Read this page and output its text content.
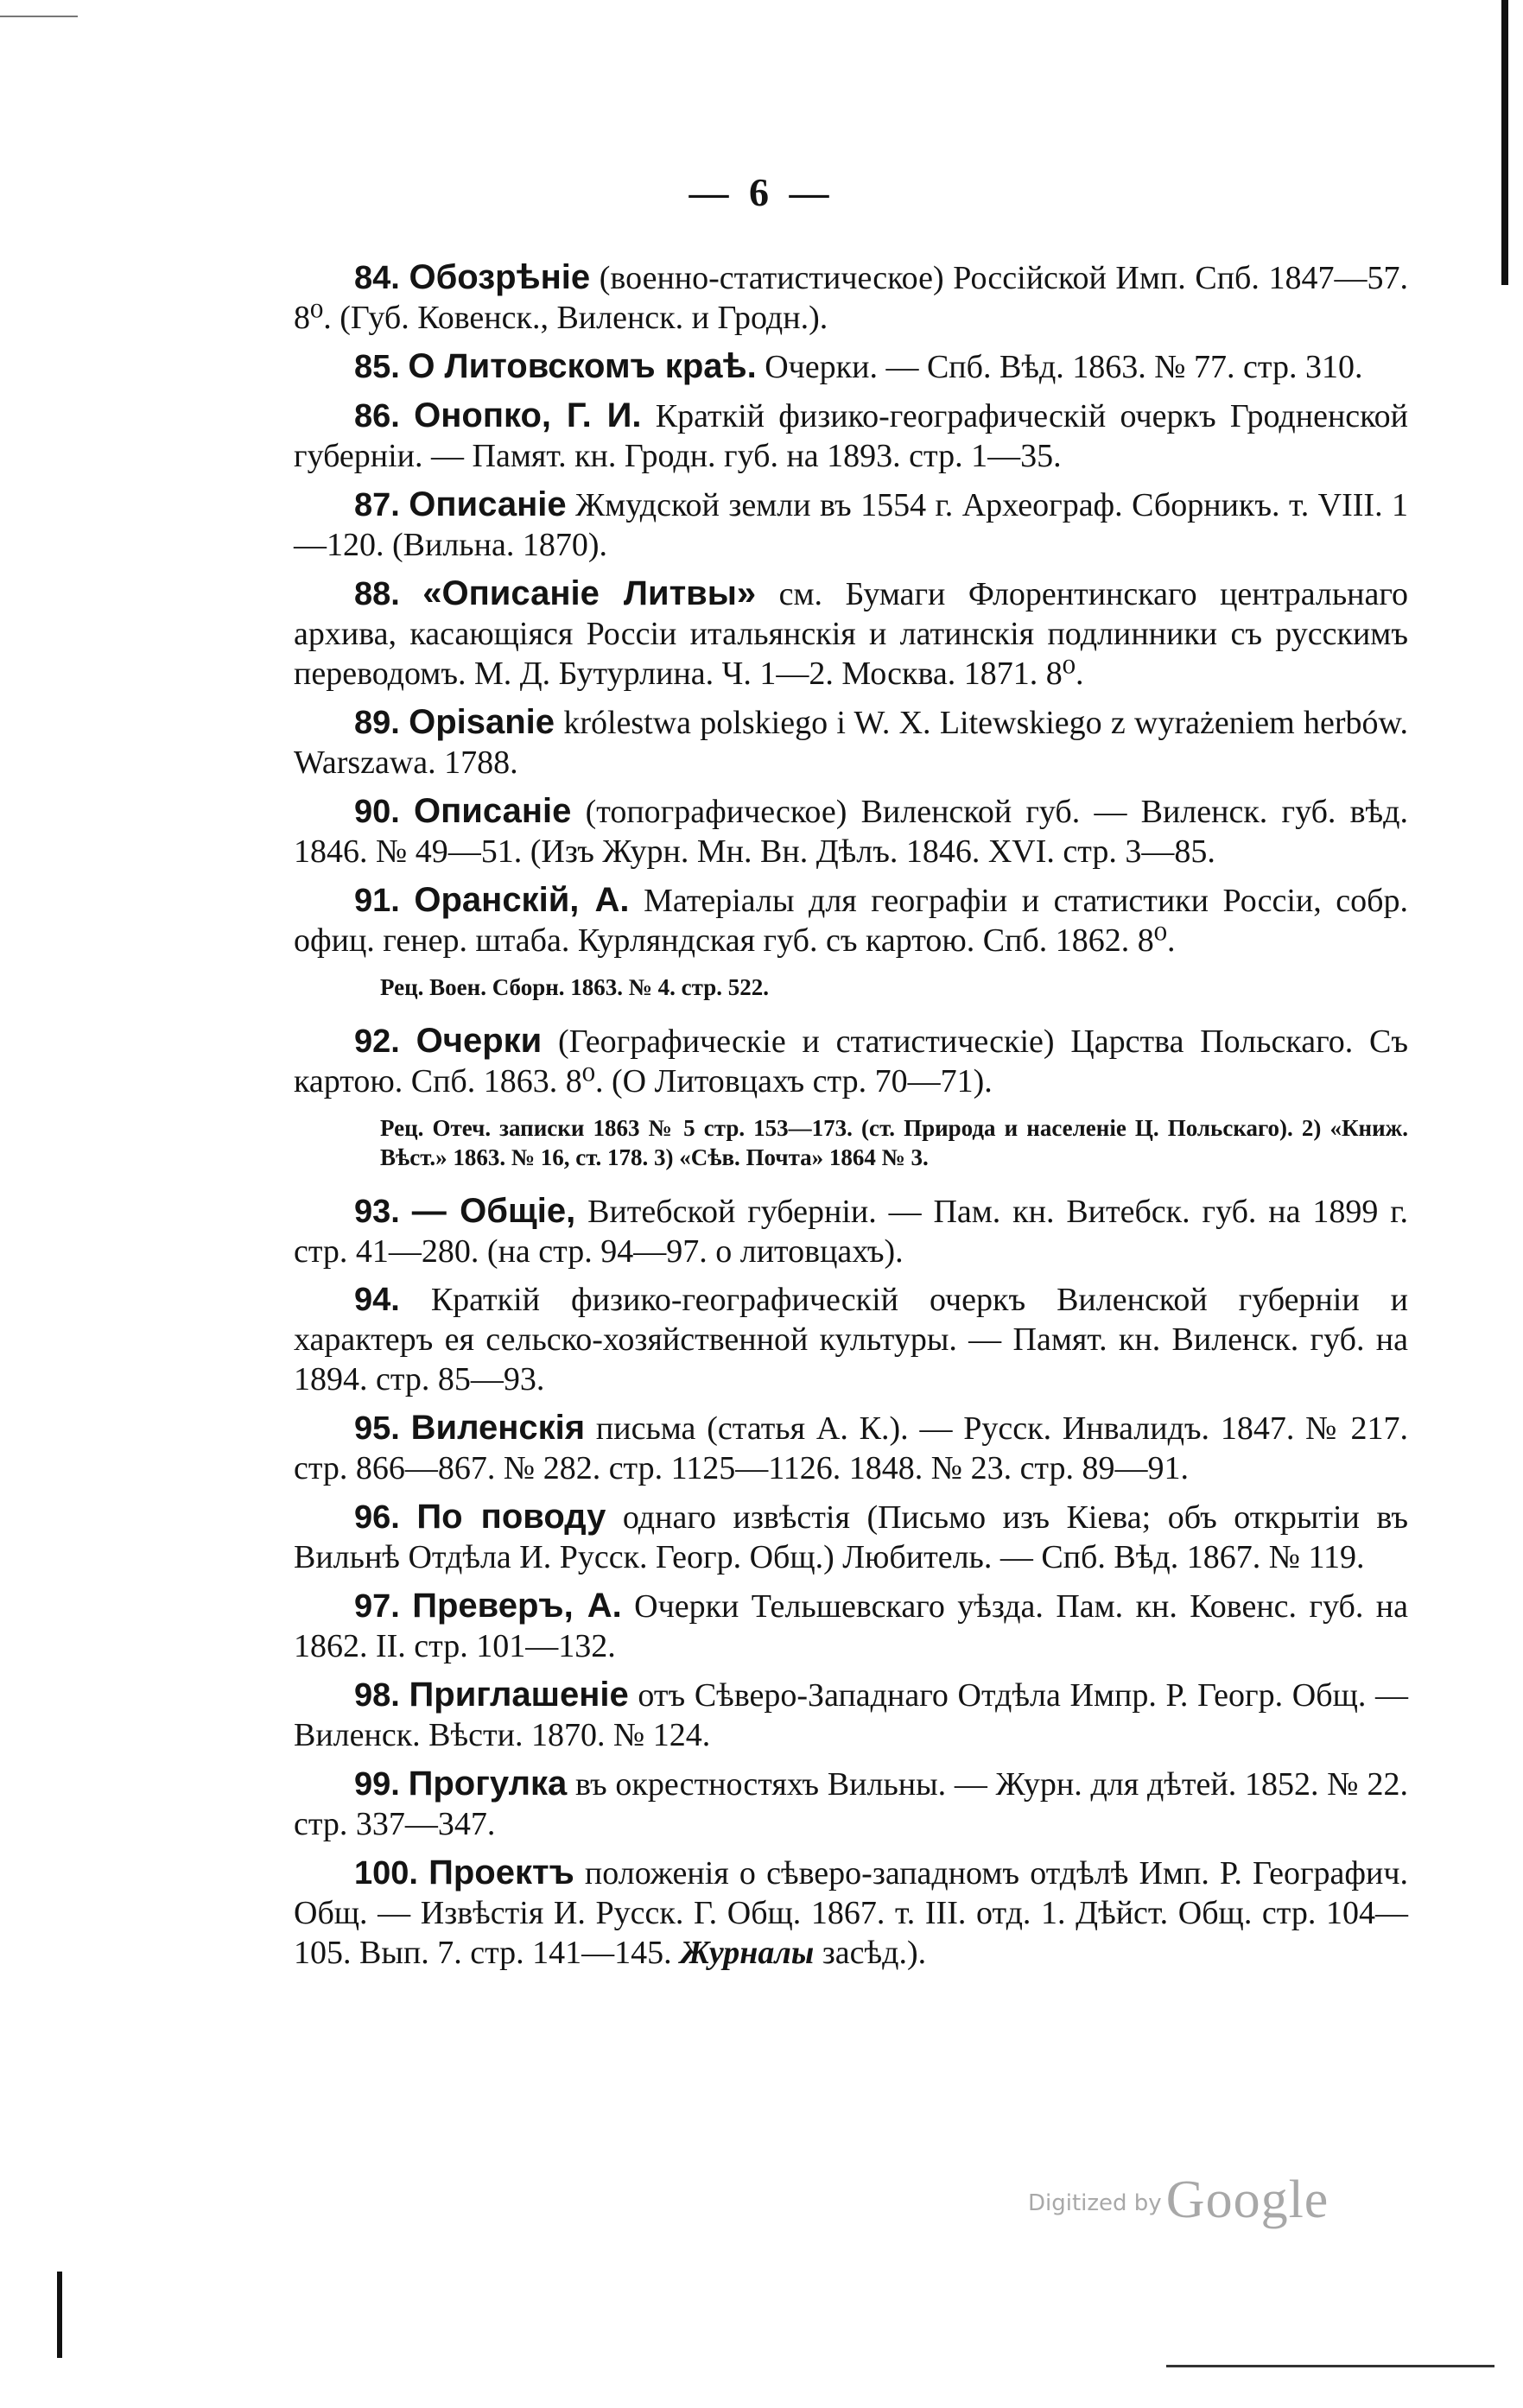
— 6 —

84. Обозрѣніе (военно-статистическое) Россійской Имп. Спб. 1847—57. 8⁰. (Губ. Ковенск., Виленск. и Гродн.).

85. О Литовскомъ краѣ. Очерки. — Спб. Вѣд. 1863. № 77. стр. 310.

86. Онопко, Г. И. Краткій физико-географическій очеркъ Гродненской губерніи. — Памят. кн. Гродн. губ. на 1893. стр. 1—35.

87. Описаніе Жмудской земли въ 1554 г. Археограф. Сборникъ. т. VIII. 1—120. (Вильна. 1870).

88. «Описаніе Литвы» см. Бумаги Флорентинскаго центральнаго архива, касающіяся Россіи итальянскія и латинскія подлинники съ русскимъ переводомъ. М. Д. Бутурлина. Ч. 1—2. Москва. 1871. 8⁰.

89. Opisanie królestwa polskiego i W. X. Litewskiego z wyrażeniem herbów. Warszawa. 1788.

90. Описаніе (топографическое) Виленской губ. — Виленск. губ. вѣд. 1846. № 49—51. (Изъ Журн. Мн. Вн. Дѣлъ. 1846. XVI. стр. 3—85.

91. Оранскій, А. Матеріалы для географіи и статистики Россіи, собр. офиц. генер. штаба. Курляндская губ. съ картою. Спб. 1862. 8⁰.

Рец. Воен. Сборн. 1863. № 4. стр. 522.

92. Очерки (Географическіе и статистическіе) Царства Польскаго. Съ картою. Спб. 1863. 8⁰. (О Литовцахъ стр. 70—71).

Рец. Отеч. записки 1863 № 5 стр. 153—173. (ст. Природа и населеніе Ц. Польскаго). 2) «Книж. Вѣст.» 1863. № 16, ст. 178. 3) «Сѣв. Почта» 1864 № 3.

93. — Общіе, Витебской губерніи. — Пам. кн. Витебск. губ. на 1899 г. стр. 41—280. (на стр. 94—97. о литовцахъ).

94. Краткій физико-географическій очеркъ Виленской губерніи и характеръ ея сельско-хозяйственной культуры. — Памят. кн. Виленск. губ. на 1894. стр. 85—93.

95. Виленскія письма (статья А. К.). — Русск. Инвалидъ. 1847. № 217. стр. 866—867. № 282. стр. 1125—1126. 1848. № 23. стр. 89—91.

96. По поводу однаго извѣстія (Письмо изъ Кіева; объ открытіи въ Вильнѣ Отдѣла И. Русск. Геогр. Общ.) Любитель. — Спб. Вѣд. 1867. № 119.

97. Преверъ, А. Очерки Тельшевскаго уѣзда. Пам. кн. Ковенс. губ. на 1862. II. стр. 101—132.

98. Приглашеніе отъ Сѣверо-Западнаго Отдѣла Импр. Р. Геогр. Общ. — Виленск. Вѣсти. 1870. № 124.

99. Прогулка въ окрестностяхъ Вильны. — Журн. для дѣтей. 1852. № 22. стр. 337—347.

100. Проектъ положенія о сѣверо-западномъ отдѣлѣ Имп. Р. Географич. Общ. — Извѣстія И. Русск. Г. Общ. 1867. т. III. отд. 1. Дѣйст. Общ. стр. 104—105. Вып. 7. стр. 141—145. Журналы засѣд.).

Digitized by Google
